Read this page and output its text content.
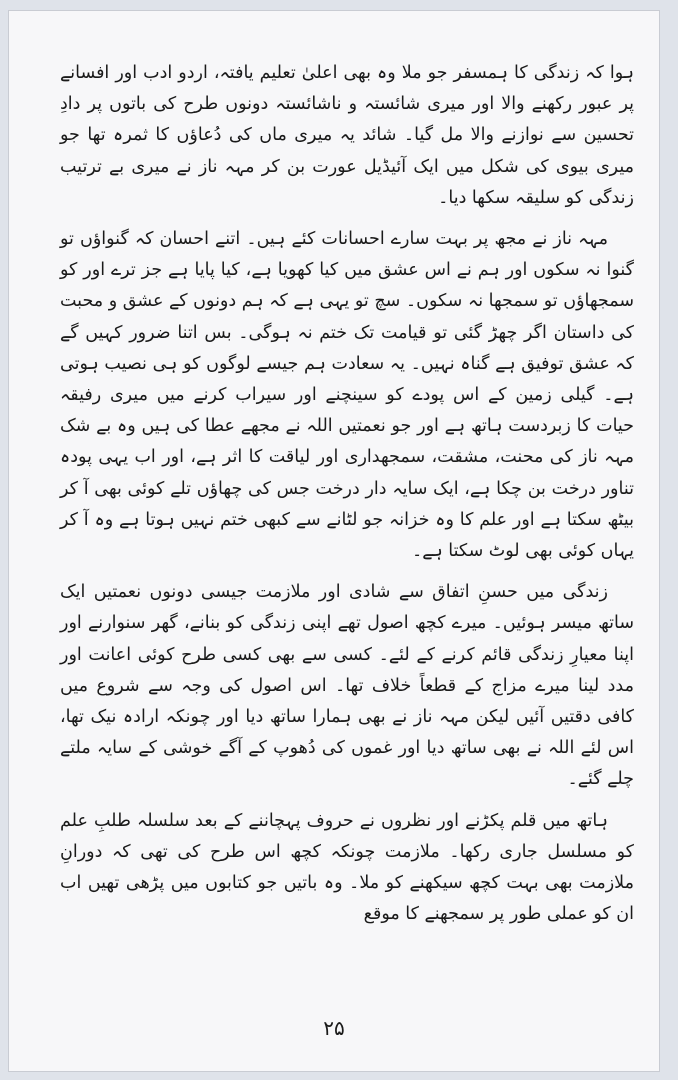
ہوا کہ زندگی کا ہمسفر جو ملا وہ بھی اعلیٰ تعلیم یافتہ، اردو ادب اور افسانے پر عبور رکھنے والا اور میری شائستہ و ناشائستہ دونوں طرح کی باتوں پر دادِ تحسین سے نوازنے والا مل گیا۔ شائد یہ میری ماں کی دُعاؤں کا ثمرہ تھا جو میری بیوی کی شکل میں ایک آئیڈیل عورت بن کر مہہ ناز نے میری بے ترتیب زندگی کو سلیقہ سکھا دیا۔

مہہ ناز نے مجھ پر بہت سارے احسانات کئے ہیں۔ اتنے احسان کہ گنواؤں تو گنوا نہ سکوں اور ہم نے اس عشق میں کیا کھویا ہے، کیا پایا ہے جز ترے اور کو سمجھاؤں تو سمجھا نہ سکوں۔ سچ تو یہی ہے کہ ہم دونوں کے عشق و محبت کی داستان اگر چھڑ گئی تو قیامت تک ختم نہ ہوگی۔ بس اتنا ضرور کہیں گے کہ عشق توفیق ہے گناہ نہیں۔ یہ سعادت ہم جیسے لوگوں کو ہی نصیب ہوتی ہے۔ گیلی زمین کے اس پودے کو سینچنے اور سیراب کرنے میں میری رفیقہ حیات کا زبردست ہاتھ ہے اور جو نعمتیں اللہ نے مجھے عطا کی ہیں وہ بے شک مہہ ناز کی محنت، مشقت، سمجھداری اور لیاقت کا اثر ہے، اور اب یہی پودہ تناور درخت بن چکا ہے، ایک سایہ دار درخت جس کی چھاؤں تلے کوئی بھی آ کر بیٹھ سکتا ہے اور علم کا وہ خزانہ جو لٹانے سے کبھی ختم نہیں ہوتا ہے وہ آ کر یہاں کوئی بھی لوٹ سکتا ہے۔

زندگی میں حسنِ اتفاق سے شادی اور ملازمت جیسی دونوں نعمتیں ایک ساتھ میسر ہوئیں۔ میرے کچھ اصول تھے اپنی زندگی کو بنانے، گھر سنوارنے اور اپنا معیارِ زندگی قائم کرنے کے لئے۔ کسی سے بھی کسی طرح کوئی اعانت اور مدد لینا میرے مزاج کے قطعاً خلاف تھا۔ اس اصول کی وجہ سے شروع میں کافی دقتیں آئیں لیکن مہہ ناز نے بھی ہمارا ساتھ دیا اور چونکہ ارادہ نیک تھا، اس لئے اللہ نے بھی ساتھ دیا اور غموں کی دُھوپ کے آگے خوشی کے سایہ ملتے چلے گئے۔

ہاتھ میں قلم پکڑنے اور نظروں نے حروف پہچاننے کے بعد سلسلہ طلبِ علم کو مسلسل جاری رکھا۔ ملازمت چونکہ کچھ اس طرح کی تھی کہ دورانِ ملازمت بھی بہت کچھ سیکھنے کو ملا۔ وہ باتیں جو کتابوں میں پڑھی تھیں اب ان کو عملی طور پر سمجھنے کا موقع

۲۵
